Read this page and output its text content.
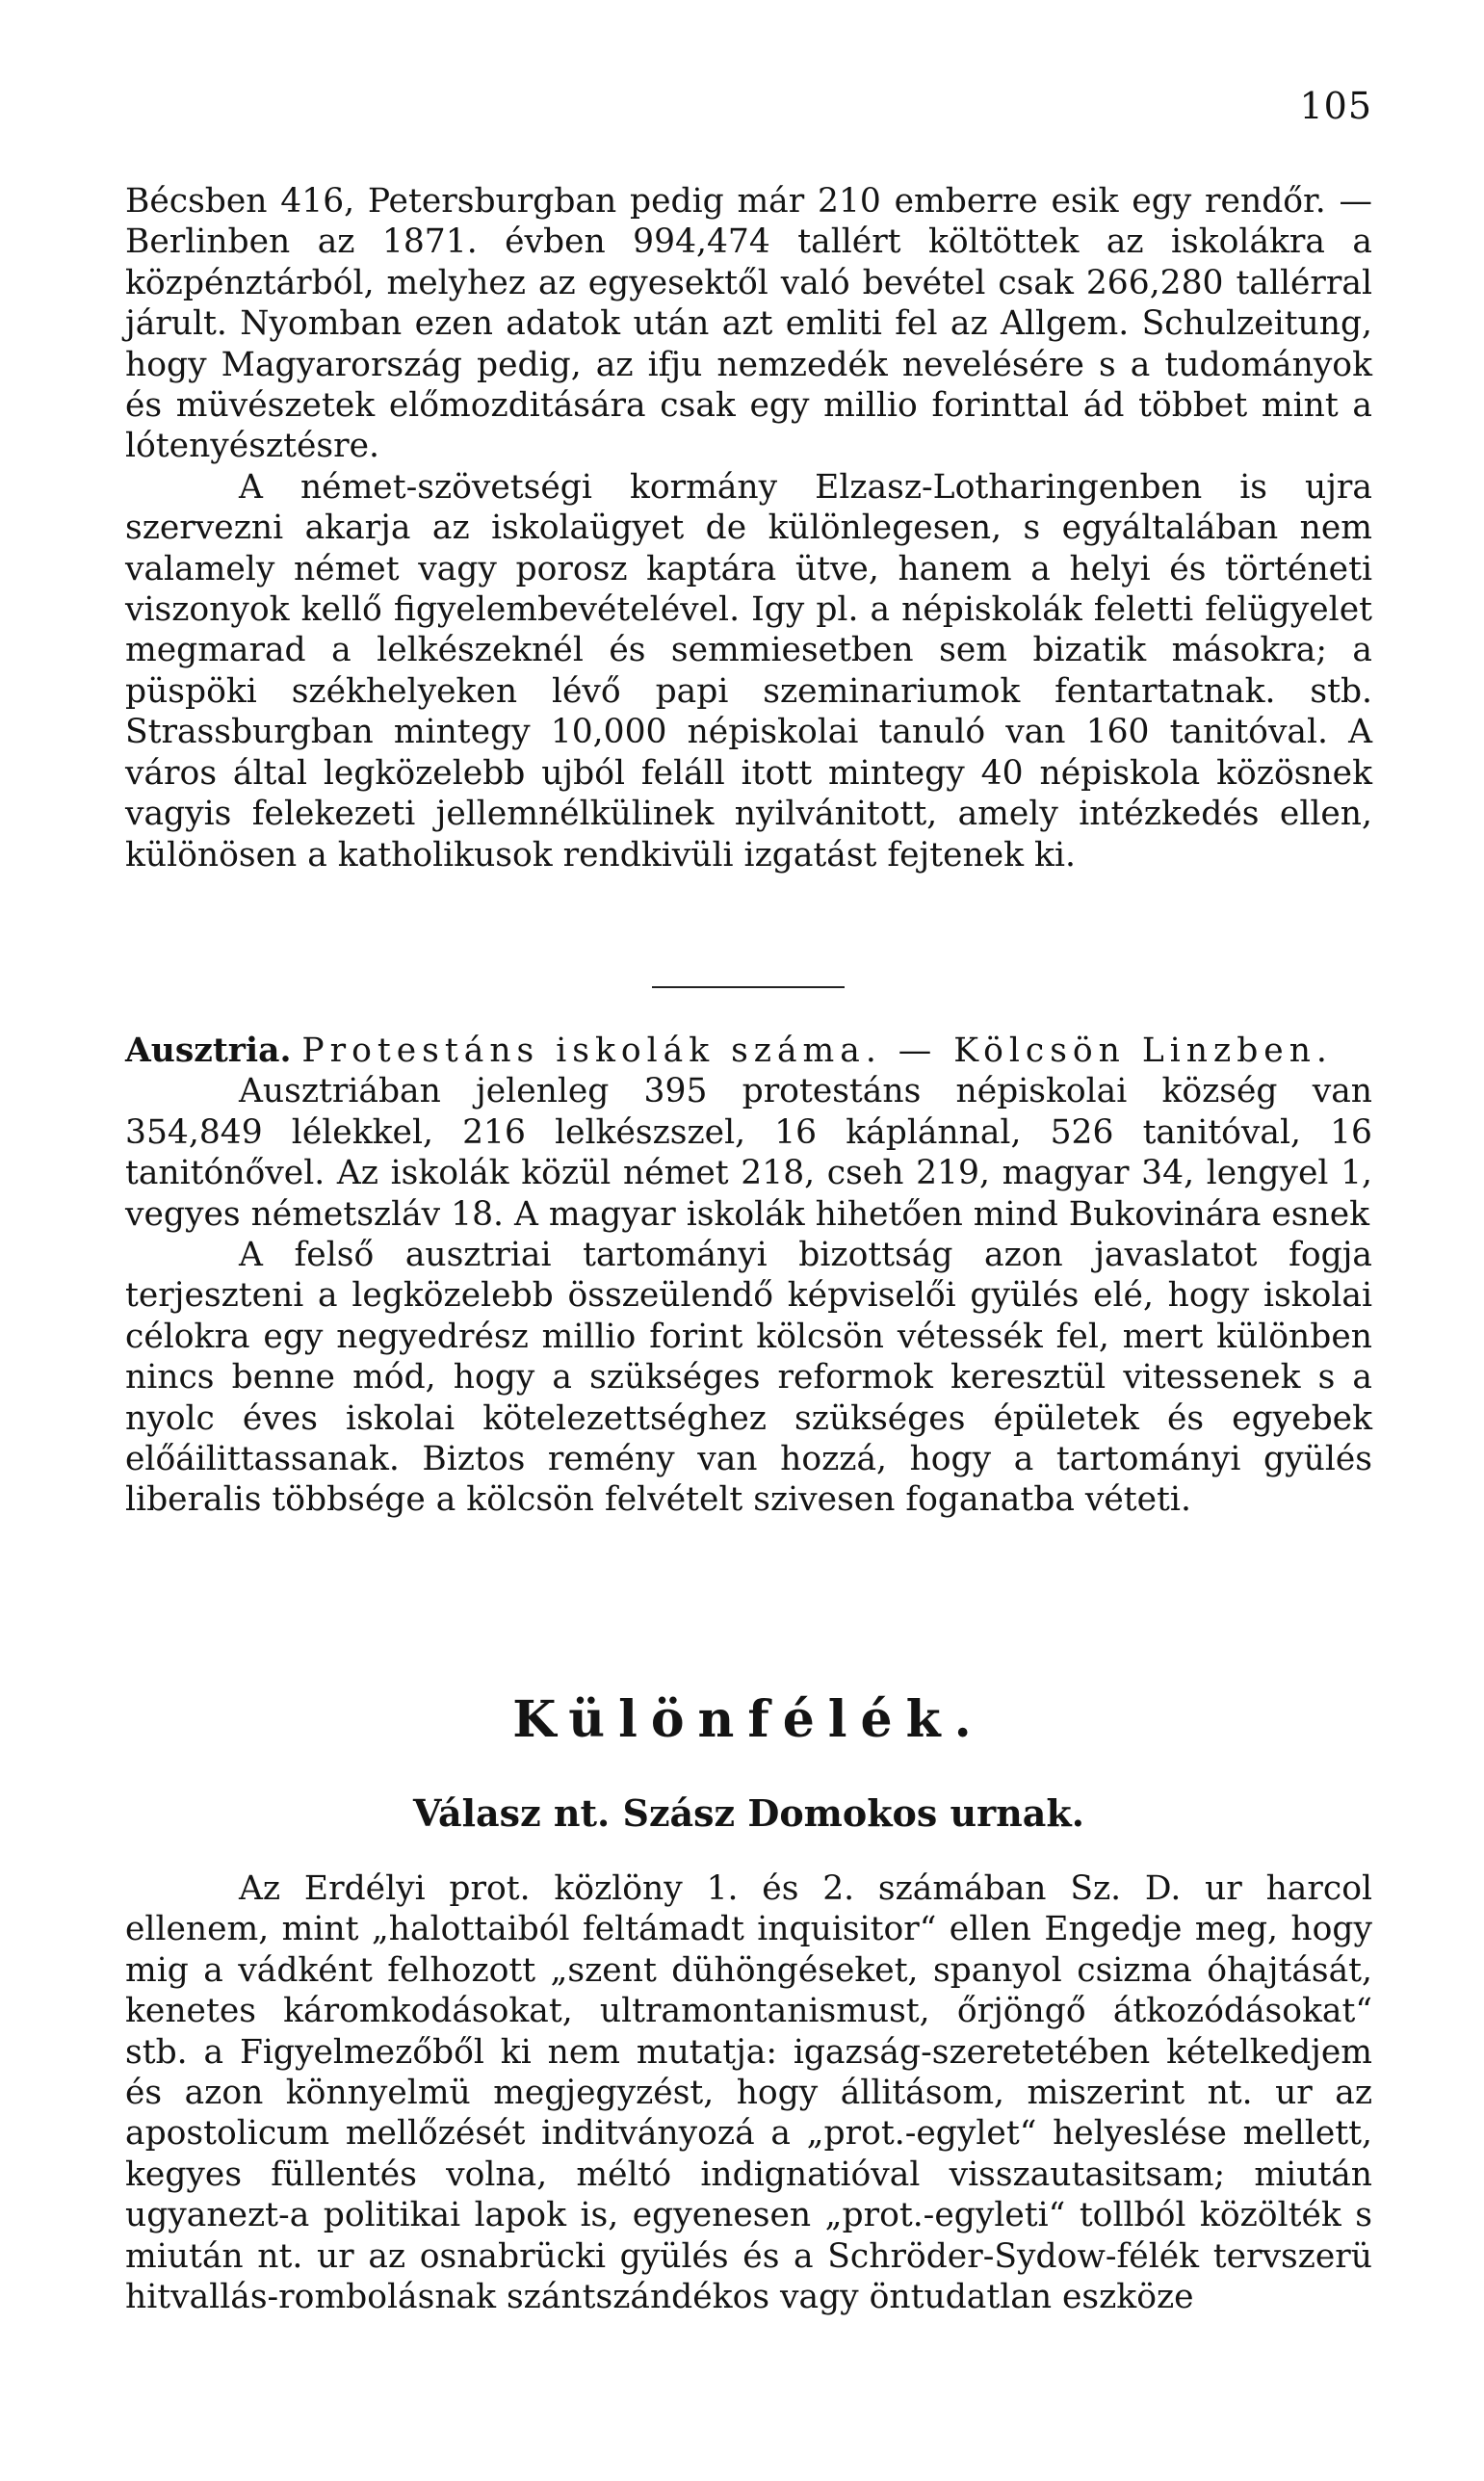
105

Bécsben 416, Petersburgban pedig már 210 emberre esik egy rendőr. — Berlinben az 1871. évben 994,474 tallért költöttek az iskolákra a közpénztárból, melyhez az egyesektől való bevétel csak 266,280 tallérral járult. Nyomban ezen adatok után azt emliti fel az Allgem. Schulzeitung, hogy Magyarország pedig, az ifju nemzedék nevelésére s a tudományok és müvészetek előmozditására csak egy millio forinttal ád többet mint a lótenyésztésre.

A német-szövetségi kormány Elzasz-Lotharingenben is ujra szervezni akarja az iskolaügyet de különlegesen, s egyáltalában nem valamely német vagy porosz kaptára ütve, hanem a helyi és történeti viszonyok kellő figyelembevételével. Igy pl. a népiskolák feletti felügyelet megmarad a lelkészeknél és semmiesetben sem bizatik másokra; a püspöki székhelyeken lévő papi szeminariumok fentartatnak. stb. Strassburgban mintegy 10,000 népiskolai tanuló van 160 tanitóval. A város által legközelebb ujból feláll itott mintegy 40 népiskola közösnek vagyis felekezeti jellemnélkülinek nyilvánitott, amely intézkedés ellen, különösen a katholikusok rendkivüli izgatást fejtenek ki.

Ausztria. Protestáns iskolák száma. — Kölcsön Linzben.

Ausztriában jelenleg 395 protestáns népiskolai község van 354,849 lélekkel, 216 lelkészszel, 16 káplánnal, 526 tanitóval, 16 tanitónővel. Az iskolák közül német 218, cseh 219, magyar 34, lengyel 1, vegyes németszláv 18. A magyar iskolák hihetően mind Bukovinára esnek

A felső ausztriai tartományi bizottság azon javaslatot fogja terjeszteni a legközelebb összeülendő képviselői gyülés elé, hogy iskolai célokra egy negyedrész millio forint kölcsön vétessék fel, mert különben nincs benne mód, hogy a szükséges reformok keresztül vitessenek s a nyolc éves iskolai kötelezettséghez szükséges épületek és egyebek előáilittassanak. Biztos remény van hozzá, hogy a tartományi gyülés liberalis többsége a kölcsön felvételt szivesen foganatba véteti.

Különfélék.
Válasz nt. Szász Domokos urnak.

Az Erdélyi prot. közlöny 1. és 2. számában Sz. D. ur harcol ellenem, mint „halottaiból feltámadt inquisitor“ ellen Engedje meg, hogy mig a vádként felhozott „szent dühöngéseket, spanyol csizma óhajtását, kenetes káromkodásokat, ultramontanismust, őrjöngő átkozódásokat“ stb. a Figyelmezőből ki nem mutatja: igazság-szeretetében kételkedjem és azon könnyelmü megjegyzést, hogy állitásom, miszerint nt. ur az apostolicum mellőzését inditványozá a „prot.-egylet“ helyeslése mellett, kegyes füllentés volna, méltó indignatióval visszautasitsam; miután ugyanezt-a politikai lapok is, egyenesen „prot.-egyleti“ tollból közölték s miután nt. ur az osnabrücki gyülés és a Schröder-Sydow-félék tervszerü hitvallás-rombolásnak szántszándékos vagy öntudatlan eszköze
